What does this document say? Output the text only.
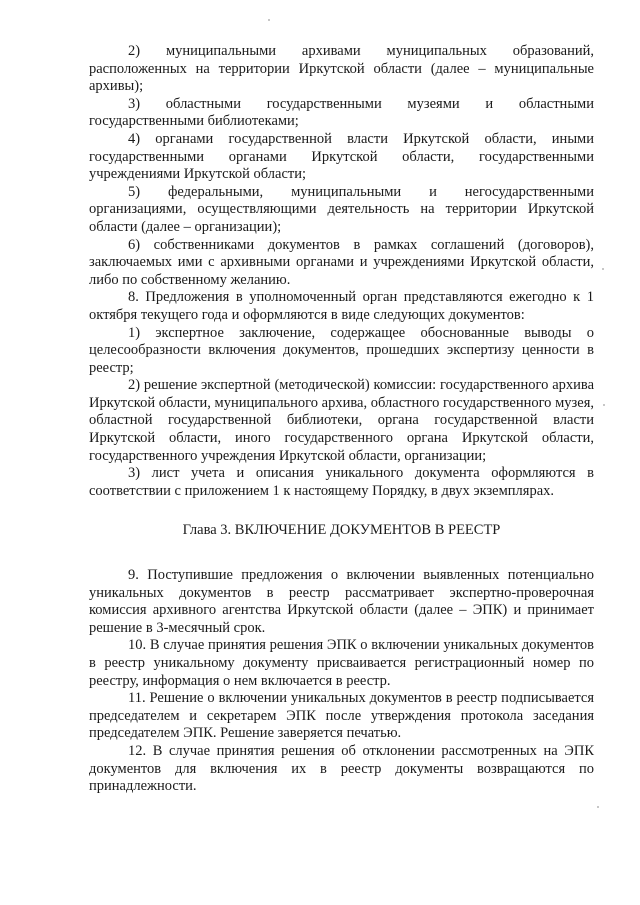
2) муниципальными архивами муниципальных образований, расположенных на территории Иркутской области (далее – муниципальные архивы);

3) областными государственными музеями и областными государственными библиотеками;

4) органами государственной власти Иркутской области, иными государственными органами Иркутской области, государственными учреждениями Иркутской области;

5) федеральными, муниципальными и негосударственными организациями, осуществляющими деятельность на территории Иркутской области (далее – организации);

6) собственниками документов в рамках соглашений (договоров), заключаемых ими с архивными органами и учреждениями Иркутской области, либо по собственному желанию.

8. Предложения в уполномоченный орган представляются ежегодно к 1 октября текущего года и оформляются в виде следующих документов:

1) экспертное заключение, содержащее обоснованные выводы о целесообразности включения документов, прошедших экспертизу ценности в реестр;

2) решение экспертной (методической) комиссии: государственного архива Иркутской области, муниципального архива, областного государственного музея, областной государственной библиотеки, органа государственной власти Иркутской области, иного государственного органа Иркутской области, государственного учреждения Иркутской области, организации;

3) лист учета и описания уникального документа оформляются в соответствии с приложением 1 к настоящему Порядку, в двух экземплярах.

Глава 3. ВКЛЮЧЕНИЕ ДОКУМЕНТОВ В РЕЕСТР

9. Поступившие предложения о включении выявленных потенциально уникальных документов в реестр рассматривает экспертно-проверочная комиссия архивного агентства Иркутской области (далее – ЭПК) и принимает решение в 3-месячный срок.

10. В случае принятия решения ЭПК о включении уникальных документов в реестр уникальному документу присваивается регистрационный номер по реестру, информация о нем включается в реестр.

11. Решение о включении уникальных документов в реестр подписывается председателем и секретарем ЭПК после утверждения протокола заседания председателем ЭПК. Решение заверяется печатью.

12. В случае принятия решения об отклонении рассмотренных на ЭПК документов для включения их в реестр документы возвращаются по принадлежности.
